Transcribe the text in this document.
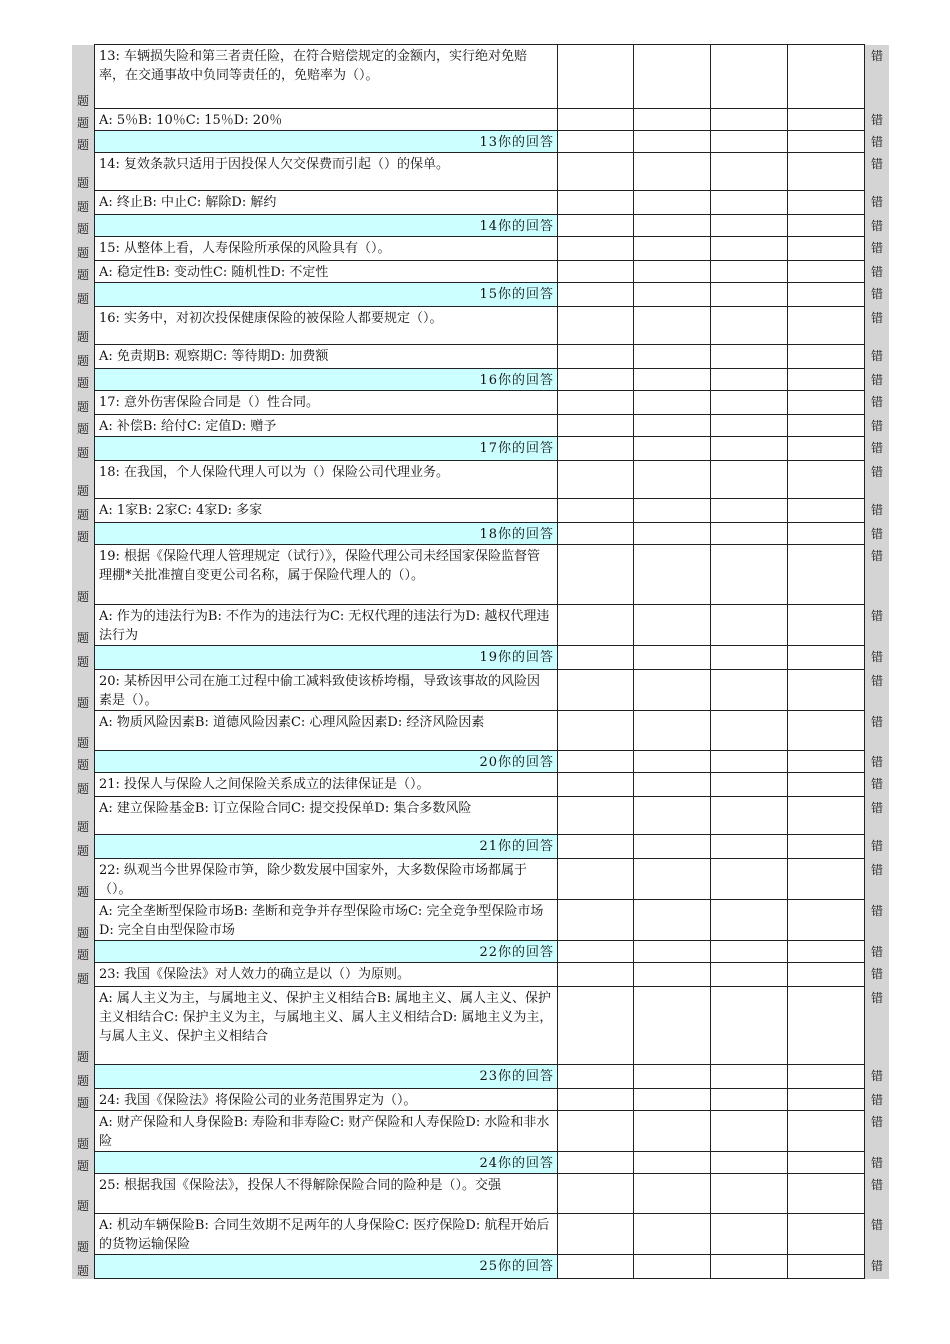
题	13: 车辆损失险和第三者责任险，在符合赔偿规定的金额内，实行绝对免赔率，在交通事故中负同等责任的，免赔率为（）。					错
题	A: 5％B: 10％C: 15％D: 20％					错
题	13你的回答					错
题	14: 复效条款只适用于因投保人欠交保费而引起（）的保单。					错
题	A: 终止B: 中止C: 解除D: 解约					错
题	14你的回答					错
题	15: 从整体上看，人寿保险所承保的风险具有（）。					错
题	A: 稳定性B: 变动性C: 随机性D: 不定性					错
题	15你的回答					错
题	16: 实务中，对初次投保健康保险的被保险人都要规定（）。					错
题	A: 免责期B: 观察期C: 等待期D: 加费额					错
题	16你的回答					错
题	17: 意外伤害保险合同是（）性合同。					错
题	A: 补偿B: 给付C: 定值D: 赠予					错
题	17你的回答					错
题	18: 在我国，个人保险代理人可以为（）保险公司代理业务。					错
题	A: 1家B: 2家C: 4家D: 多家					错
题	18你的回答					错
题	19: 根据《保险代理人管理规定（试行）》，保险代理公司未经国家保险监督管理棚*关批准擅自变更公司名称，属于保险代理人的（）。					错
题	A: 作为的违法行为B: 不作为的违法行为C: 无权代理的违法行为D: 越权代理违法行为					错
题	19你的回答					错
题	20: 某桥因甲公司在施工过程中偷工减料致使该桥垮榻，导致该事故的风险因素是（）。					错
题	A: 物质风险因素B: 道德风险因素C: 心理风险因素D: 经济风险因素					错
题	20你的回答					错
题	21: 投保人与保险人之间保险关系成立的法律保证是（）。					错
题	A: 建立保险基金B: 订立保险合同C: 提交投保单D: 集合多数风险					错
题	21你的回答					错
题	22: 纵观当今世界保险市笋，除少数发展中国家外，大多数保险市场都属于（）。					错
题	A: 完全垄断型保险市场B: 垄断和竞争并存型保险市场C: 完全竞争型保险市场D: 完全自由型保险市场					错
题	22你的回答					错
题	23: 我国《保险法》对人效力的确立是以（）为原则。					错
题	A: 属人主义为主，与属地主义、保护主义相结合B: 属地主义、属人主义、保护主义相结合C: 保护主义为主，与属地主义、属人主义相结合D: 属地主义为主，与属人主义、保护主义相结合					错
题	23你的回答					错
题	24: 我国《保险法》将保险公司的业务范围界定为（）。					错
题	A: 财产保险和人身保险B: 寿险和非寿险C: 财产保险和人寿保险D: 水险和非水险					错
题	24你的回答					错
题	25: 根据我国《保险法》，投保人不得解除保险合同的险种是（）。交强					错
题	A: 机动车辆保险B: 合同生效期不足两年的人身保险C: 医疗保险D: 航程开始后的货物运输保险					错
题	25你的回答					错
